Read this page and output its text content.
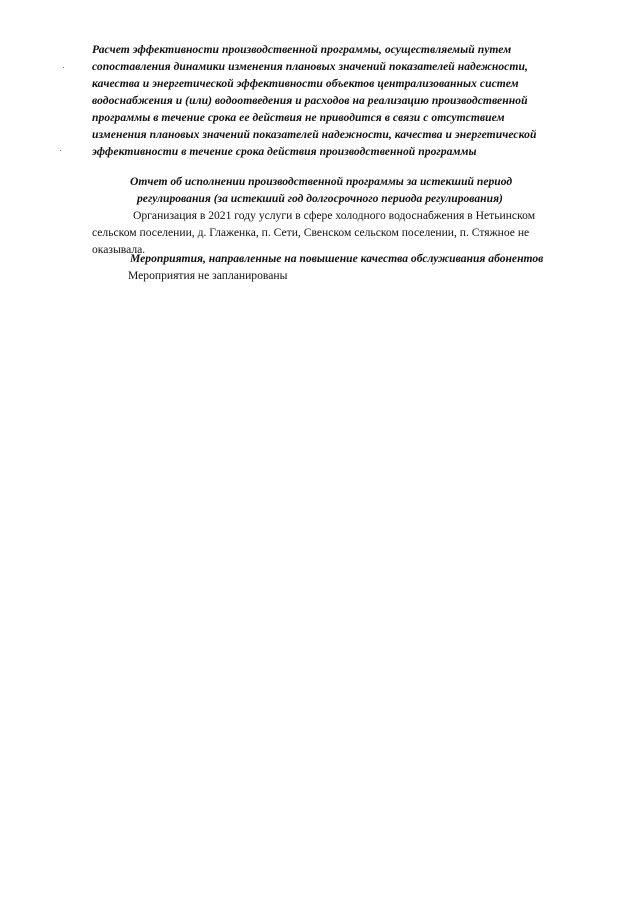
Расчет эффективности производственной программы, осуществляемый путем
сопоставления динамики изменения плановых значений показателей надежности,
качества и энергетической эффективности объектов централизованных систем
водоснабжения и (или) водоотведения и расходов на реализацию производственной
программы в течение срока ее действия не приводится в связи с отсутствием
изменения плановых значений показателей надежности, качества и энергетической
эффективности в течение срока действия производственной программы
Отчет об исполнении производственной программы за истекший период
регулирования (за истекший год долгосрочного периода регулирования)
Организация в 2021 году услуги в сфере холодного водоснабжения в Нетьинском
сельском поселении, д. Глаженка, п. Сети, Свенском сельском поселении, п. Стяжное не
оказывала.
Мероприятия, направленные на повышение качества обслуживания абонентов
Мероприятия не запланированы
